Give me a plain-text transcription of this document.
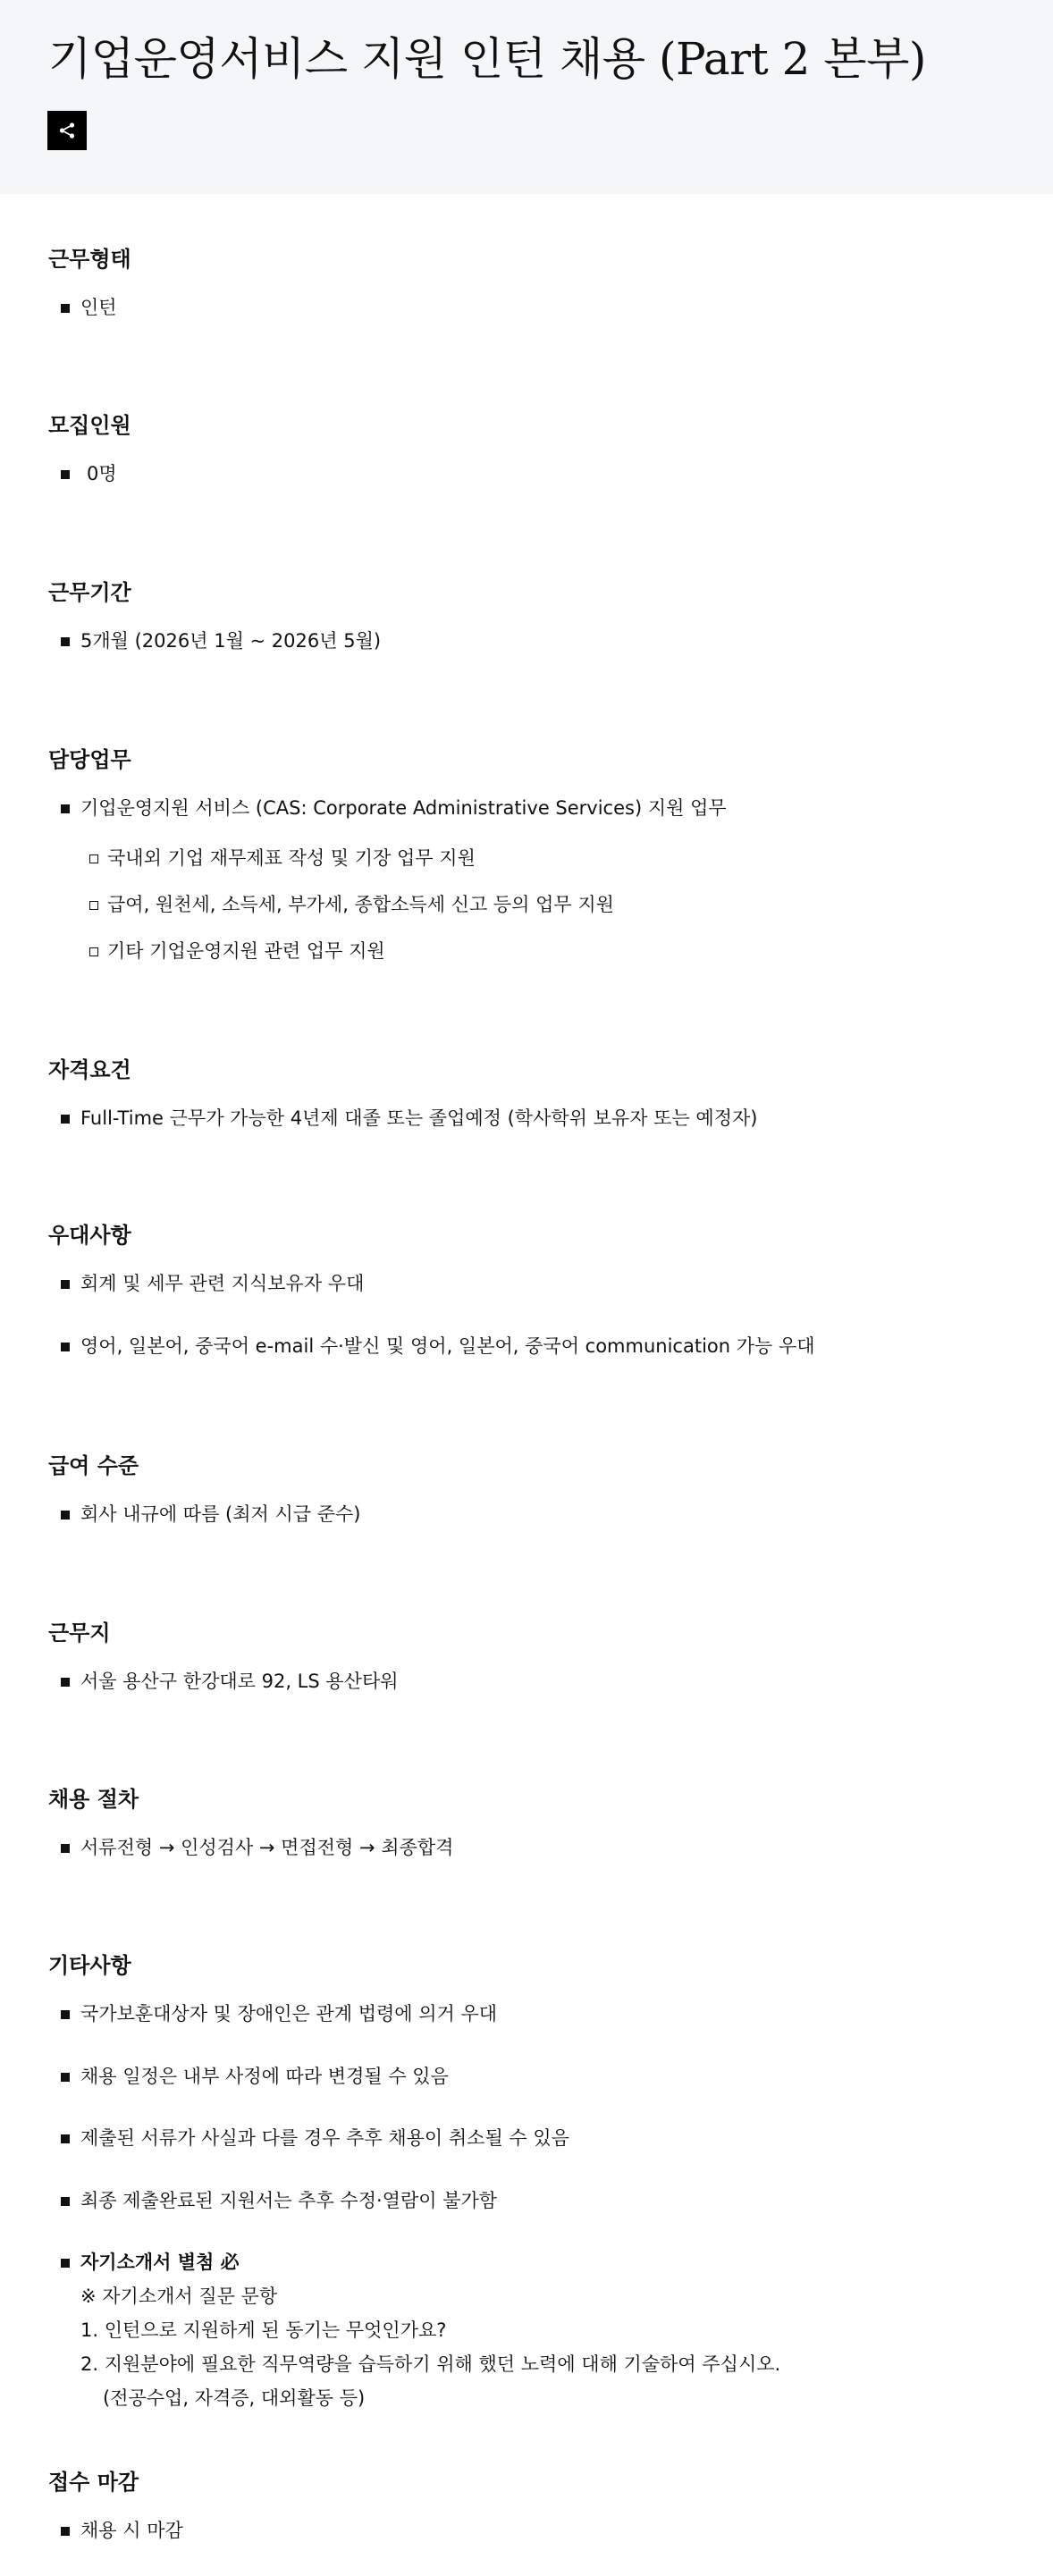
기업운영서비스 지원 인턴 채용 (Part 2 본부)
근무형태
인턴
모집인원
0명
근무기간
5개월 (2026년 1월 ~ 2026년 5월)
담당업무
기업운영지원 서비스 (CAS: Corporate Administrative Services) 지원 업무
국내외 기업 재무제표 작성 및 기장 업무 지원
급여, 원천세, 소득세, 부가세, 종합소득세 신고 등의 업무 지원
기타 기업운영지원 관련 업무 지원
자격요건
Full-Time 근무가 가능한 4년제 대졸 또는 졸업예정 (학사학위 보유자 또는 예정자)
우대사항
회계 및 세무 관련 지식보유자 우대
영어, 일본어, 중국어 e-mail 수·발신 및 영어, 일본어, 중국어 communication 가능 우대
급여 수준
회사 내규에 따름 (최저 시급 준수)
근무지
서울 용산구 한강대로 92, LS 용산타워
채용 절차
서류전형 → 인성검사 → 면접전형 → 최종합격
기타사항
국가보훈대상자 및 장애인은 관계 법령에 의거 우대
채용 일정은 내부 사정에 따라 변경될 수 있음
제출된 서류가 사실과 다를 경우 추후 채용이 취소될 수 있음
최종 제출완료된 지원서는 추후 수정·열람이 불가함
자기소개서 별첨 必
※ 자기소개서 질문 문항
1. 인턴으로 지원하게 된 동기는 무엇인가요?
2. 지원분야에 필요한 직무역량을 습득하기 위해 했던 노력에 대해 기술하여 주십시오.
(전공수업, 자격증, 대외활동 등)
접수 마감
채용 시 마감
